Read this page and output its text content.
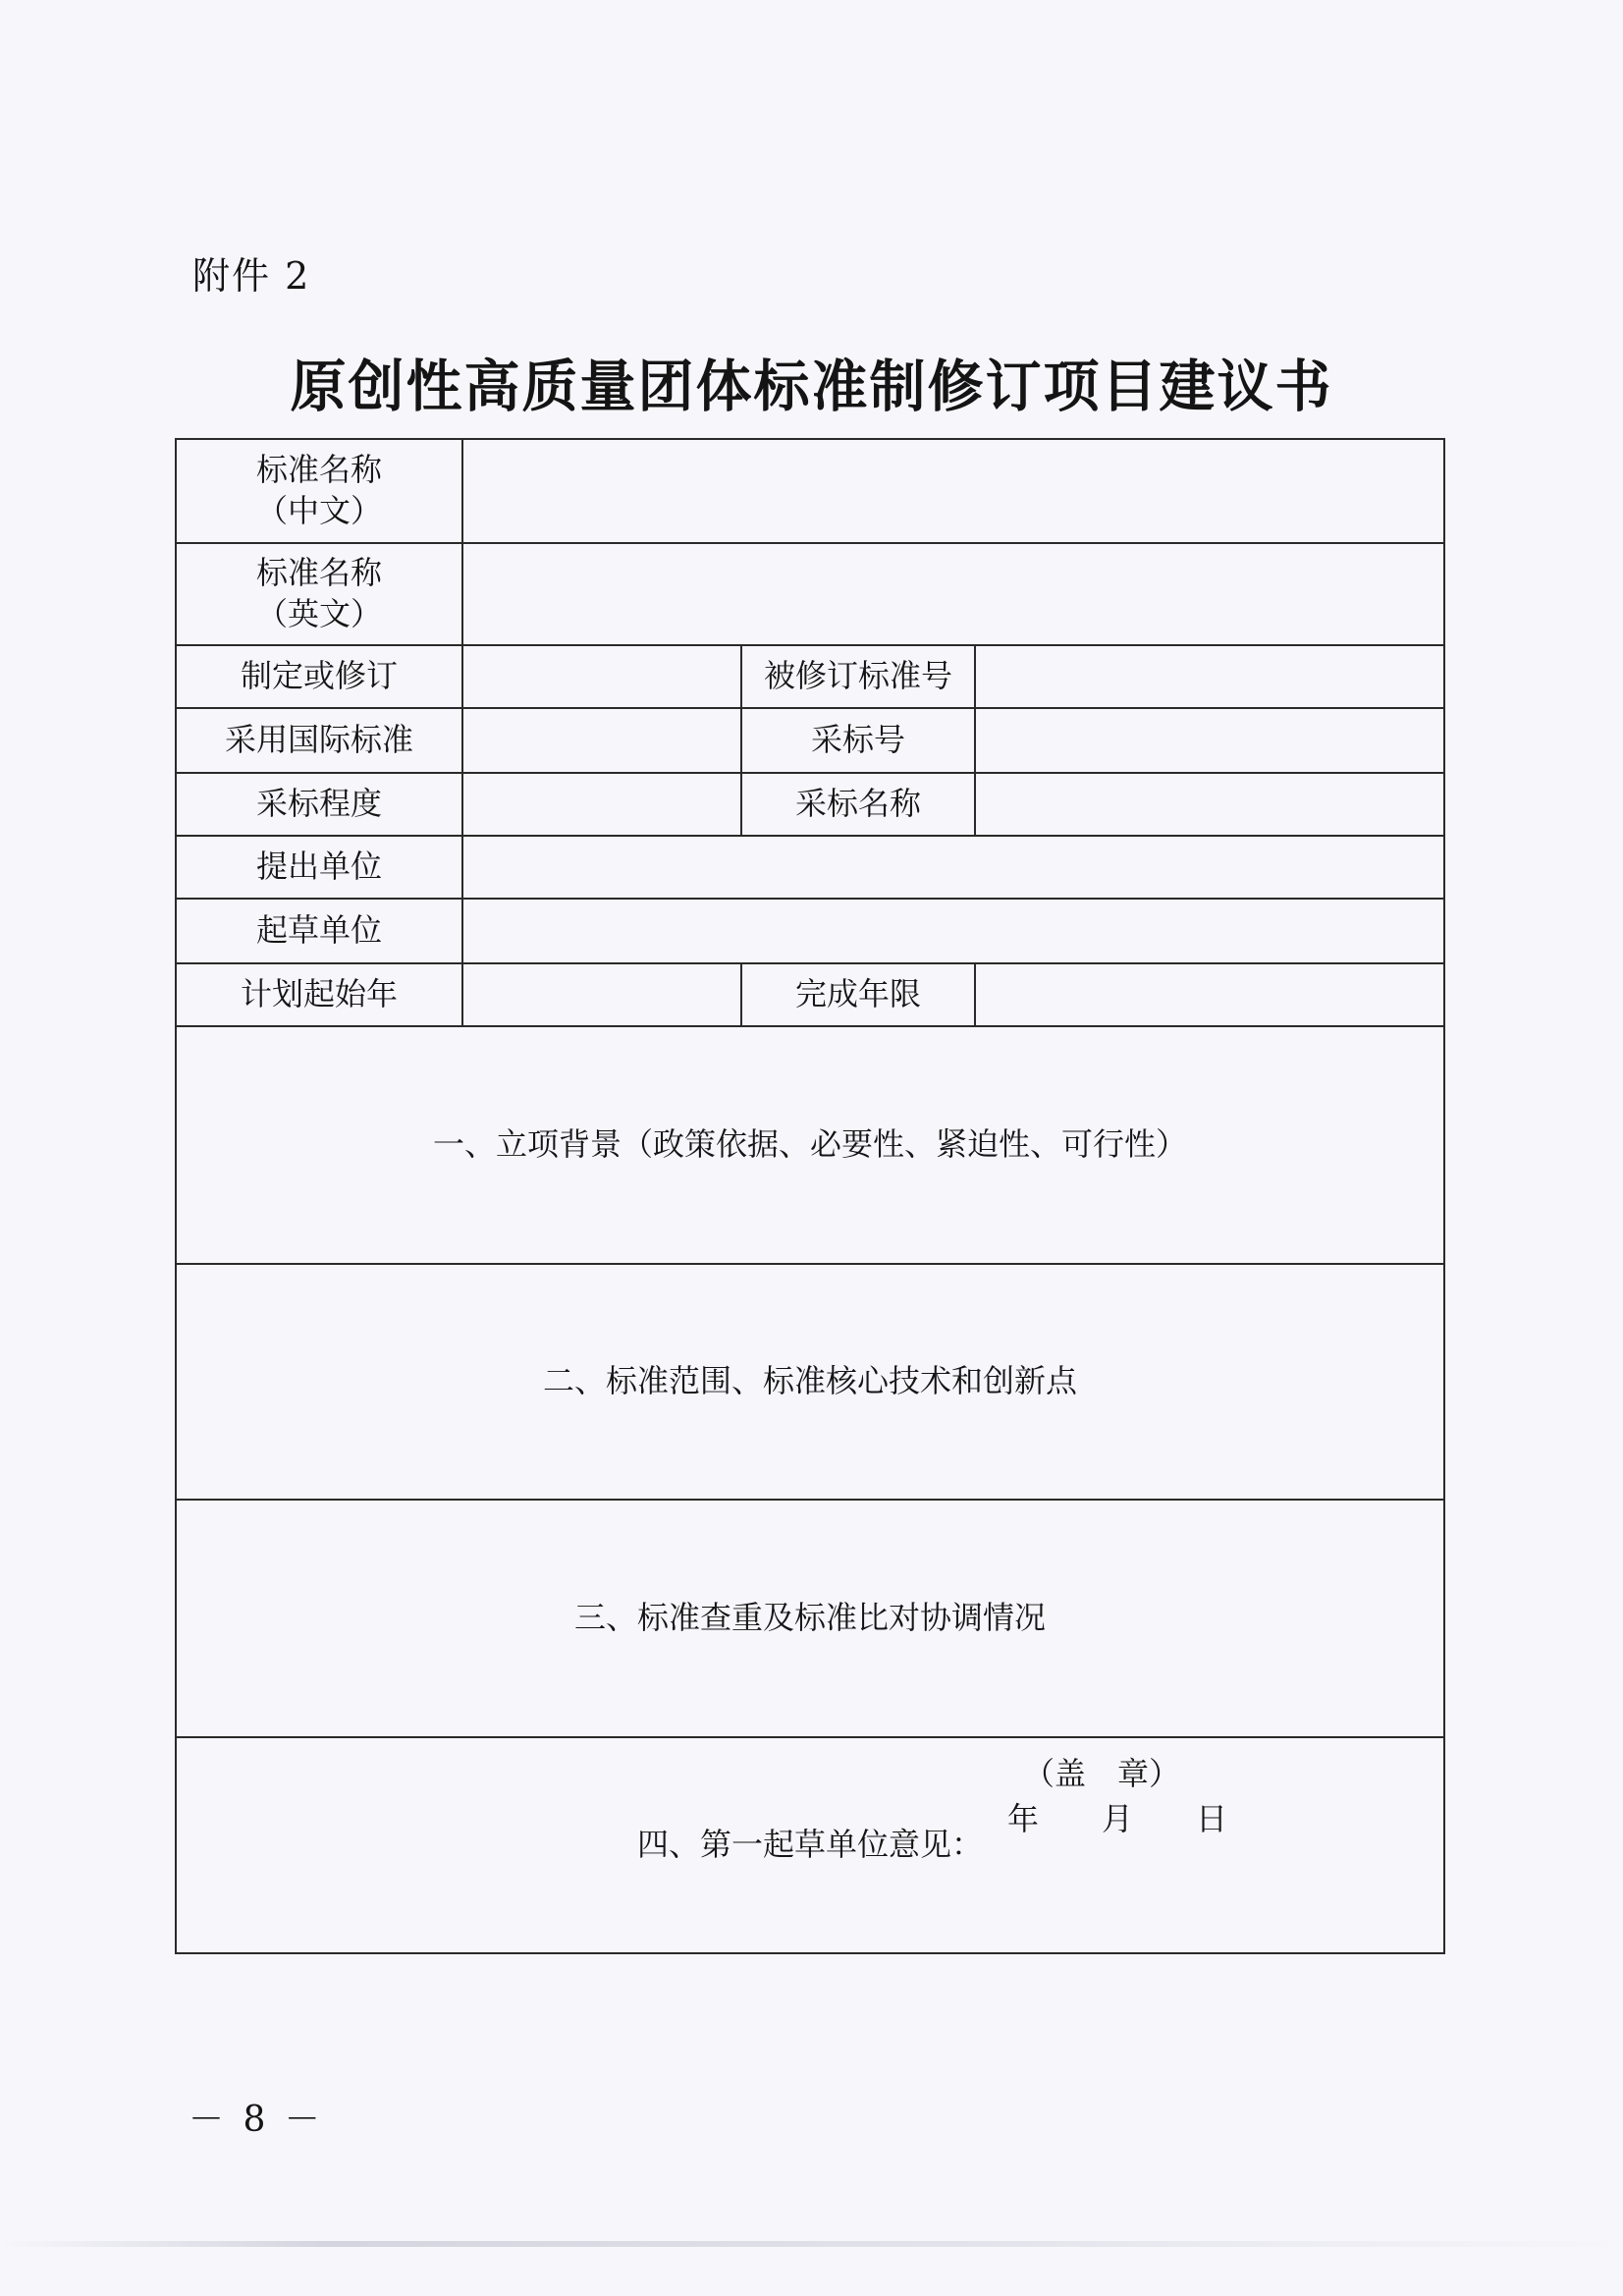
附件 2
原创性高质量团体标准制修订项目建议书
标准名称
（中文）			

标准名称
（英文）			

制定或修订		被修订标准号	
采用国际标准		采标号	
采标程度		采标名称	
提出单位			
起草单位			
计划起始年		完成年限	
一、立项背景（政策依据、必要性、紧迫性、可行性）			
二、标准范围、标准核心技术和创新点			
三、标准查重及标准比对协调情况			

四、第一起草单位意见：
（盖　章）
年　　月　　日			
－ 8 －
